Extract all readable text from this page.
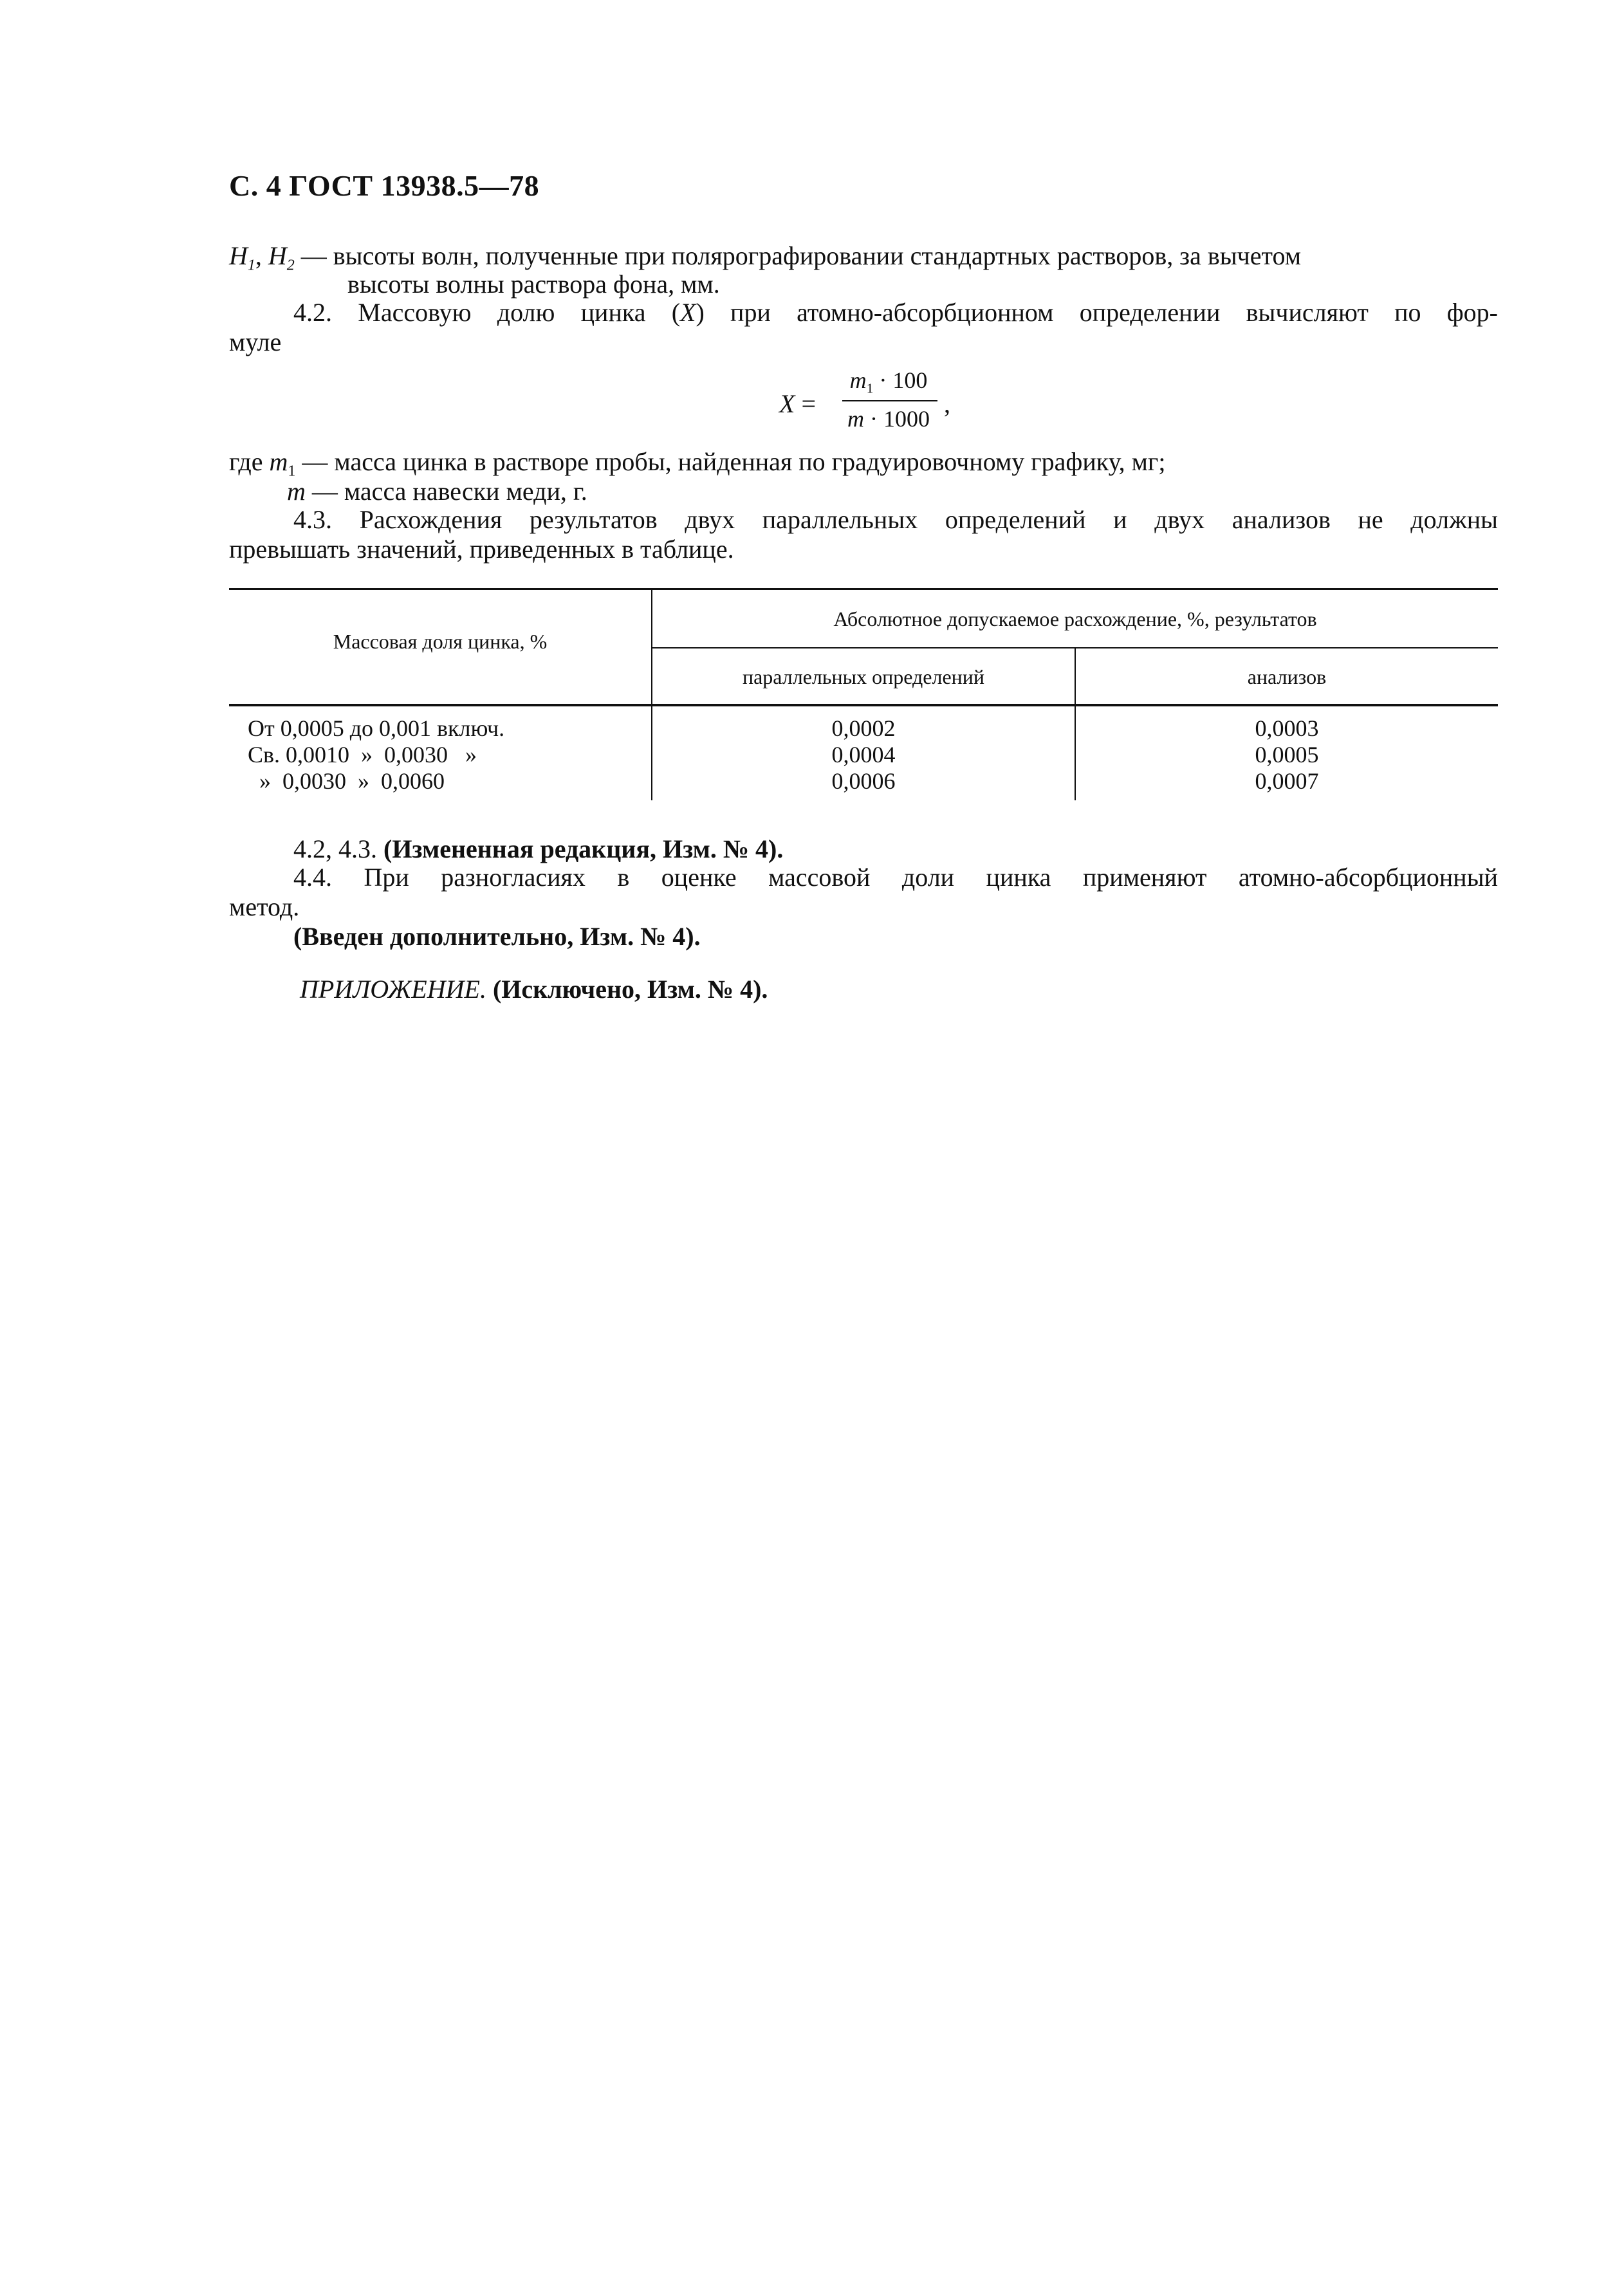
С. 4 ГОСТ 13938.5—78
$H_1$, $H_2$ — высоты волн, полученные при полярографировании стандартных растворов, за вычетом
высоты волны раствора фона, мм.
4.2. Массовую долю цинка (X) при атомно-абсорбционном определении вычисляют по фор-
муле
X =
$m_1 \cdot 100$
m · 1000
,
где $m_1$ — масса цинка в растворе пробы, найденная по градуировочному графику, мг;
m — масса навески меди, г.
4.3. Расхождения результатов двух параллельных определений и двух анализов не должны
превышать значений, приведенных в таблице.
Массовая доля цинка, %
Абсолютное допускаемое расхождение, %, результатов
параллельных определений	анализов
От 0,0005 до 0,001 включ.	0,0002	0,0003
Св. 0,0010  »  0,0030   »	0,0004	0,0005
»  0,0030  »  0,0060	0,0006	0,0007
4.2, 4.3. (Измененная редакция, Изм. № 4).
4.4. При разногласиях в оценке массовой доли цинка применяют атомно-абсорбционный
метод.
(Введен дополнительно, Изм. № 4).
ПРИЛОЖЕНИЕ. (Исключено, Изм. № 4).
